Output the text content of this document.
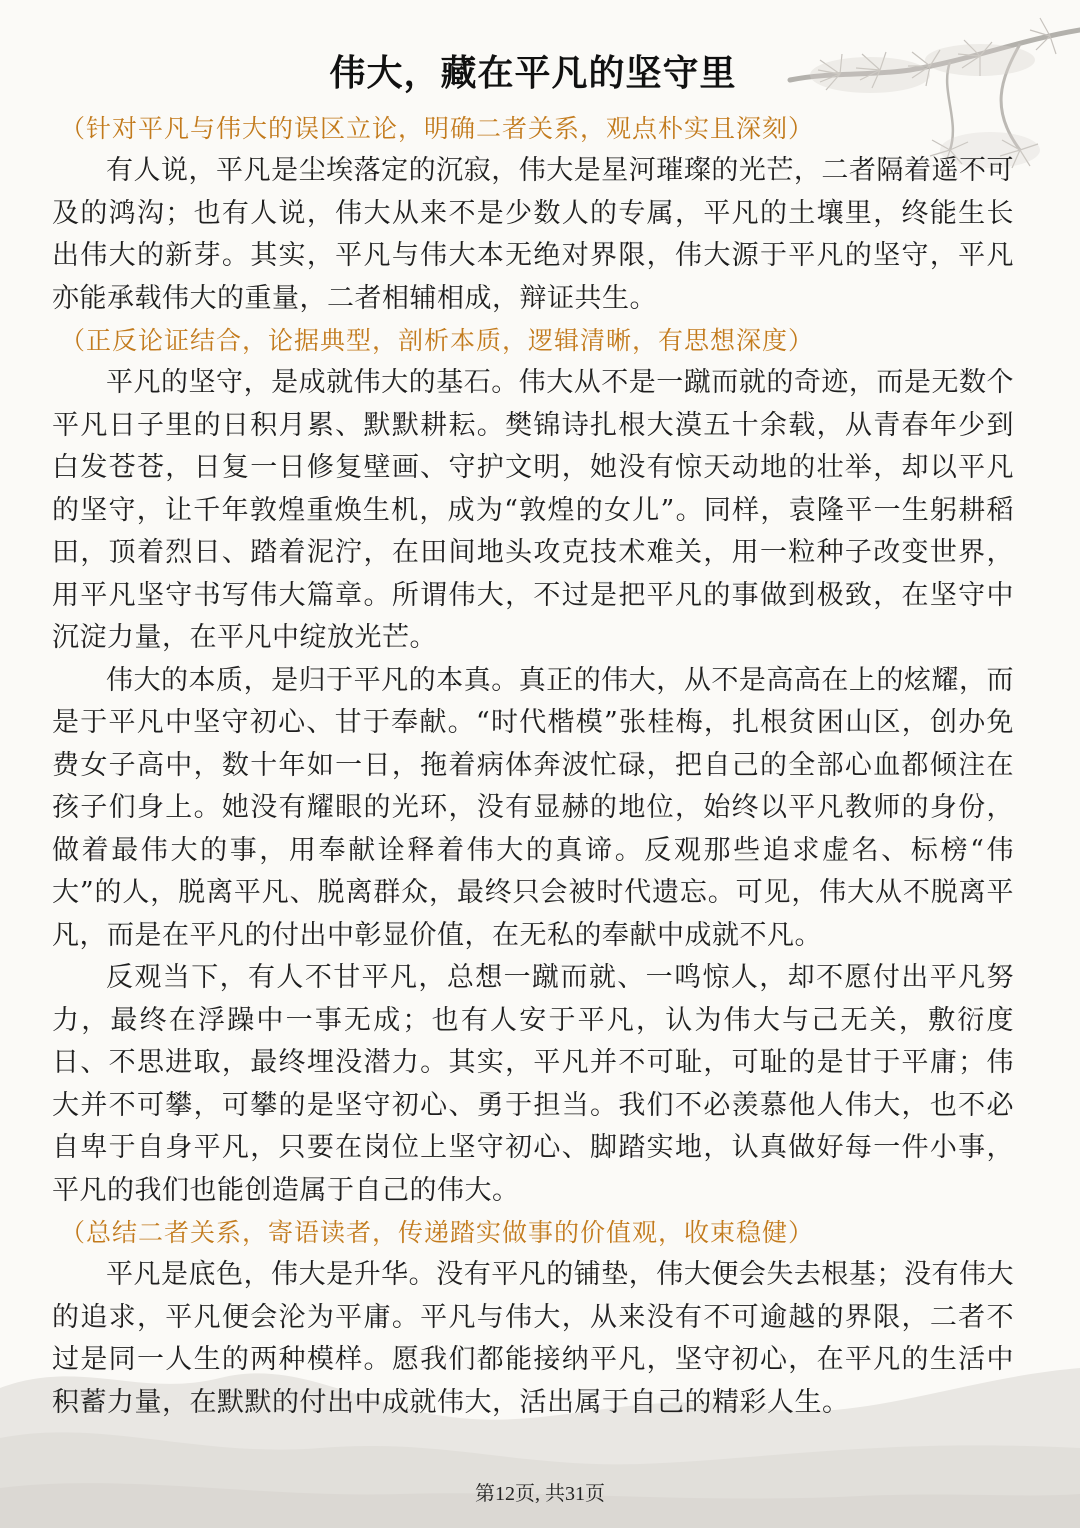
伟大，藏在平凡的坚守里

（针对平凡与伟大的误区立论，明确二者关系，观点朴实且深刻）

有人说，平凡是尘埃落定的沉寂，伟大是星河璀璨的光芒，二者隔着遥不可及的鸿沟；也有人说，伟大从来不是少数人的专属，平凡的土壤里，终能生长出伟大的新芽。其实，平凡与伟大本无绝对界限，伟大源于平凡的坚守，平凡亦能承载伟大的重量，二者相辅相成，辩证共生。

（正反论证结合，论据典型，剖析本质，逻辑清晰，有思想深度）

平凡的坚守，是成就伟大的基石。伟大从不是一蹴而就的奇迹，而是无数个平凡日子里的日积月累、默默耕耘。樊锦诗扎根大漠五十余载，从青春年少到白发苍苍，日复一日修复壁画、守护文明，她没有惊天动地的壮举，却以平凡的坚守，让千年敦煌重焕生机，成为“敦煌的女儿”。同样，袁隆平一生躬耕稻田，顶着烈日、踏着泥泞，在田间地头攻克技术难关，用一粒种子改变世界，用平凡坚守书写伟大篇章。所谓伟大，不过是把平凡的事做到极致，在坚守中沉淀力量，在平凡中绽放光芒。

伟大的本质，是归于平凡的本真。真正的伟大，从不是高高在上的炫耀，而是于平凡中坚守初心、甘于奉献。“时代楷模”张桂梅，扎根贫困山区，创办免费女子高中，数十年如一日，拖着病体奔波忙碌，把自己的全部心血都倾注在孩子们身上。她没有耀眼的光环，没有显赫的地位，始终以平凡教师的身份，做着最伟大的事，用奉献诠释着伟大的真谛。反观那些追求虚名、标榜“伟大”的人，脱离平凡、脱离群众，最终只会被时代遗忘。可见，伟大从不脱离平凡，而是在平凡的付出中彰显价值，在无私的奉献中成就不凡。

反观当下，有人不甘平凡，总想一蹴而就、一鸣惊人，却不愿付出平凡努力，最终在浮躁中一事无成；也有人安于平凡，认为伟大与己无关，敷衍度日、不思进取，最终埋没潜力。其实，平凡并不可耻，可耻的是甘于平庸；伟大并不可攀，可攀的是坚守初心、勇于担当。我们不必羡慕他人伟大，也不必自卑于自身平凡，只要在岗位上坚守初心、脚踏实地，认真做好每一件小事，平凡的我们也能创造属于自己的伟大。

（总结二者关系，寄语读者，传递踏实做事的价值观，收束稳健）

平凡是底色，伟大是升华。没有平凡的铺垫，伟大便会失去根基；没有伟大的追求，平凡便会沦为平庸。平凡与伟大，从来没有不可逾越的界限，二者不过是同一人生的两种模样。愿我们都能接纳平凡，坚守初心，在平凡的生活中积蓄力量，在默默的付出中成就伟大，活出属于自己的精彩人生。

第12页, 共31页
